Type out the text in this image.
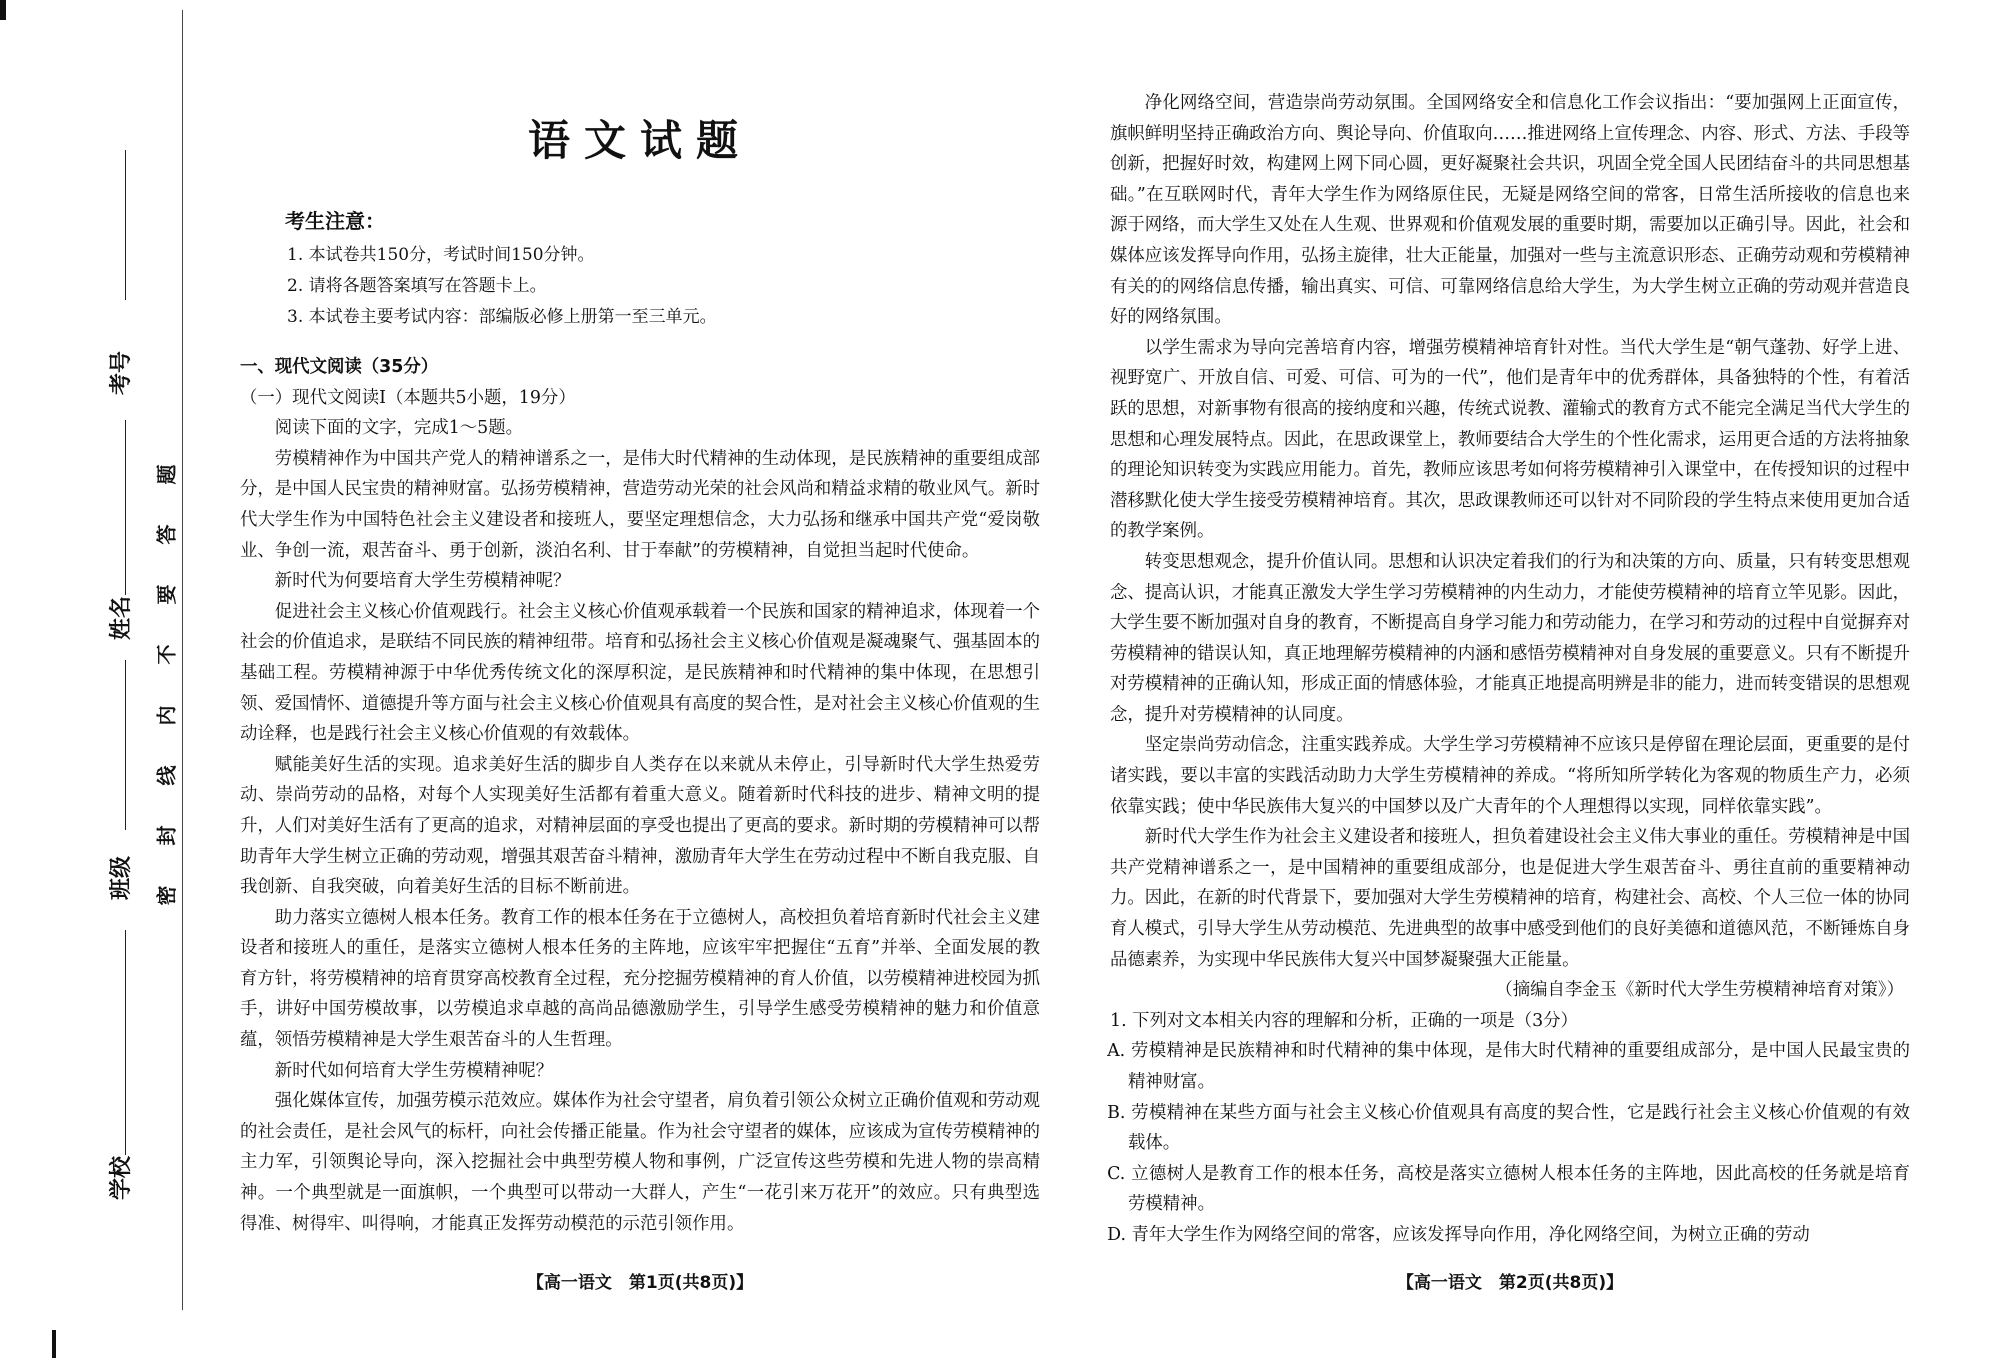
考号
姓名
班级
学校
题
答
要
不
内
线
封
密
语文试题
考生注意：

1. 本试卷共150分，考试时间150分钟。

2. 请将各题答案填写在答题卡上。

3. 本试卷主要考试内容：部编版必修上册第一至三单元。

一、现代文阅读（35分）

（一）现代文阅读Ⅰ（本题共5小题，19分）

阅读下面的文字，完成1～5题。

劳模精神作为中国共产党人的精神谱系之一，是伟大时代精神的生动体现，是民族精神的重要组成部分，是中国人民宝贵的精神财富。弘扬劳模精神，营造劳动光荣的社会风尚和精益求精的敬业风气。新时代大学生作为中国特色社会主义建设者和接班人，要坚定理想信念，大力弘扬和继承中国共产党“爱岗敬业、争创一流，艰苦奋斗、勇于创新，淡泊名利、甘于奉献”的劳模精神，自觉担当起时代使命。

新时代为何要培育大学生劳模精神呢？

促进社会主义核心价值观践行。社会主义核心价值观承载着一个民族和国家的精神追求，体现着一个社会的价值追求，是联结不同民族的精神纽带。培育和弘扬社会主义核心价值观是凝魂聚气、强基固本的基础工程。劳模精神源于中华优秀传统文化的深厚积淀，是民族精神和时代精神的集中体现，在思想引领、爱国情怀、道德提升等方面与社会主义核心价值观具有高度的契合性，是对社会主义核心价值观的生动诠释，也是践行社会主义核心价值观的有效载体。

赋能美好生活的实现。追求美好生活的脚步自人类存在以来就从未停止，引导新时代大学生热爱劳动、崇尚劳动的品格，对每个人实现美好生活都有着重大意义。随着新时代科技的进步、精神文明的提升，人们对美好生活有了更高的追求，对精神层面的享受也提出了更高的要求。新时期的劳模精神可以帮助青年大学生树立正确的劳动观，增强其艰苦奋斗精神，激励青年大学生在劳动过程中不断自我克服、自我创新、自我突破，向着美好生活的目标不断前进。

助力落实立德树人根本任务。教育工作的根本任务在于立德树人，高校担负着培育新时代社会主义建设者和接班人的重任，是落实立德树人根本任务的主阵地，应该牢牢把握住“五育”并举、全面发展的教育方针，将劳模精神的培育贯穿高校教育全过程，充分挖掘劳模精神的育人价值，以劳模精神进校园为抓手，讲好中国劳模故事，以劳模追求卓越的高尚品德激励学生，引导学生感受劳模精神的魅力和价值意蕴，领悟劳模精神是大学生艰苦奋斗的人生哲理。

新时代如何培育大学生劳模精神呢？

强化媒体宣传，加强劳模示范效应。媒体作为社会守望者，肩负着引领公众树立正确价值观和劳动观的社会责任，是社会风气的标杆，向社会传播正能量。作为社会守望者的媒体，应该成为宣传劳模精神的主力军，引领舆论导向，深入挖掘社会中典型劳模人物和事例，广泛宣传这些劳模和先进人物的崇高精神。一个典型就是一面旗帜，一个典型可以带动一大群人，产生“一花引来万花开”的效应。只有典型选得准、树得牢、叫得响，才能真正发挥劳动模范的示范引领作用。

【高一语文　第1页(共8页)】

净化网络空间，营造崇尚劳动氛围。全国网络安全和信息化工作会议指出：“要加强网上正面宣传，旗帜鲜明坚持正确政治方向、舆论导向、价值取向……推进网络上宣传理念、内容、形式、方法、手段等创新，把握好时效，构建网上网下同心圆，更好凝聚社会共识，巩固全党全国人民团结奋斗的共同思想基础。”在互联网时代，青年大学生作为网络原住民，无疑是网络空间的常客，日常生活所接收的信息也来源于网络，而大学生又处在人生观、世界观和价值观发展的重要时期，需要加以正确引导。因此，社会和媒体应该发挥导向作用，弘扬主旋律，壮大正能量，加强对一些与主流意识形态、正确劳动观和劳模精神有关的的网络信息传播，输出真实、可信、可靠网络信息给大学生，为大学生树立正确的劳动观并营造良好的网络氛围。

以学生需求为导向完善培育内容，增强劳模精神培育针对性。当代大学生是“朝气蓬勃、好学上进、视野宽广、开放自信、可爱、可信、可为的一代”，他们是青年中的优秀群体，具备独特的个性，有着活跃的思想，对新事物有很高的接纳度和兴趣，传统式说教、灌输式的教育方式不能完全满足当代大学生的思想和心理发展特点。因此，在思政课堂上，教师要结合大学生的个性化需求，运用更合适的方法将抽象的理论知识转变为实践应用能力。首先，教师应该思考如何将劳模精神引入课堂中，在传授知识的过程中潜移默化使大学生接受劳模精神培育。其次，思政课教师还可以针对不同阶段的学生特点来使用更加合适的教学案例。

转变思想观念，提升价值认同。思想和认识决定着我们的行为和决策的方向、质量，只有转变思想观念、提高认识，才能真正激发大学生学习劳模精神的内生动力，才能使劳模精神的培育立竿见影。因此，大学生要不断加强对自身的教育，不断提高自身学习能力和劳动能力，在学习和劳动的过程中自觉摒弃对劳模精神的错误认知，真正地理解劳模精神的内涵和感悟劳模精神对自身发展的重要意义。只有不断提升对劳模精神的正确认知，形成正面的情感体验，才能真正地提高明辨是非的能力，进而转变错误的思想观念，提升对劳模精神的认同度。

坚定崇尚劳动信念，注重实践养成。大学生学习劳模精神不应该只是停留在理论层面，更重要的是付诸实践，要以丰富的实践活动助力大学生劳模精神的养成。“将所知所学转化为客观的物质生产力，必须依靠实践；使中华民族伟大复兴的中国梦以及广大青年的个人理想得以实现，同样依靠实践”。

新时代大学生作为社会主义建设者和接班人，担负着建设社会主义伟大事业的重任。劳模精神是中国共产党精神谱系之一，是中国精神的重要组成部分，也是促进大学生艰苦奋斗、勇往直前的重要精神动力。因此，在新的时代背景下，要加强对大学生劳模精神的培育，构建社会、高校、个人三位一体的协同育人模式，引导大学生从劳动模范、先进典型的故事中感受到他们的良好美德和道德风范，不断锤炼自身品德素养，为实现中华民族伟大复兴中国梦凝聚强大正能量。

（摘编自李金玉《新时代大学生劳模精神培育对策》）

1. 下列对文本相关内容的理解和分析，正确的一项是（3分）

A. 劳模精神是民族精神和时代精神的集中体现，是伟大时代精神的重要组成部分，是中国人民最宝贵的精神财富。

B. 劳模精神在某些方面与社会主义核心价值观具有高度的契合性，它是践行社会主义核心价值观的有效载体。

C. 立德树人是教育工作的根本任务，高校是落实立德树人根本任务的主阵地，因此高校的任务就是培育劳模精神。

D. 青年大学生作为网络空间的常客，应该发挥导向作用，净化网络空间，为树立正确的劳动

【高一语文　第2页(共8页)】
